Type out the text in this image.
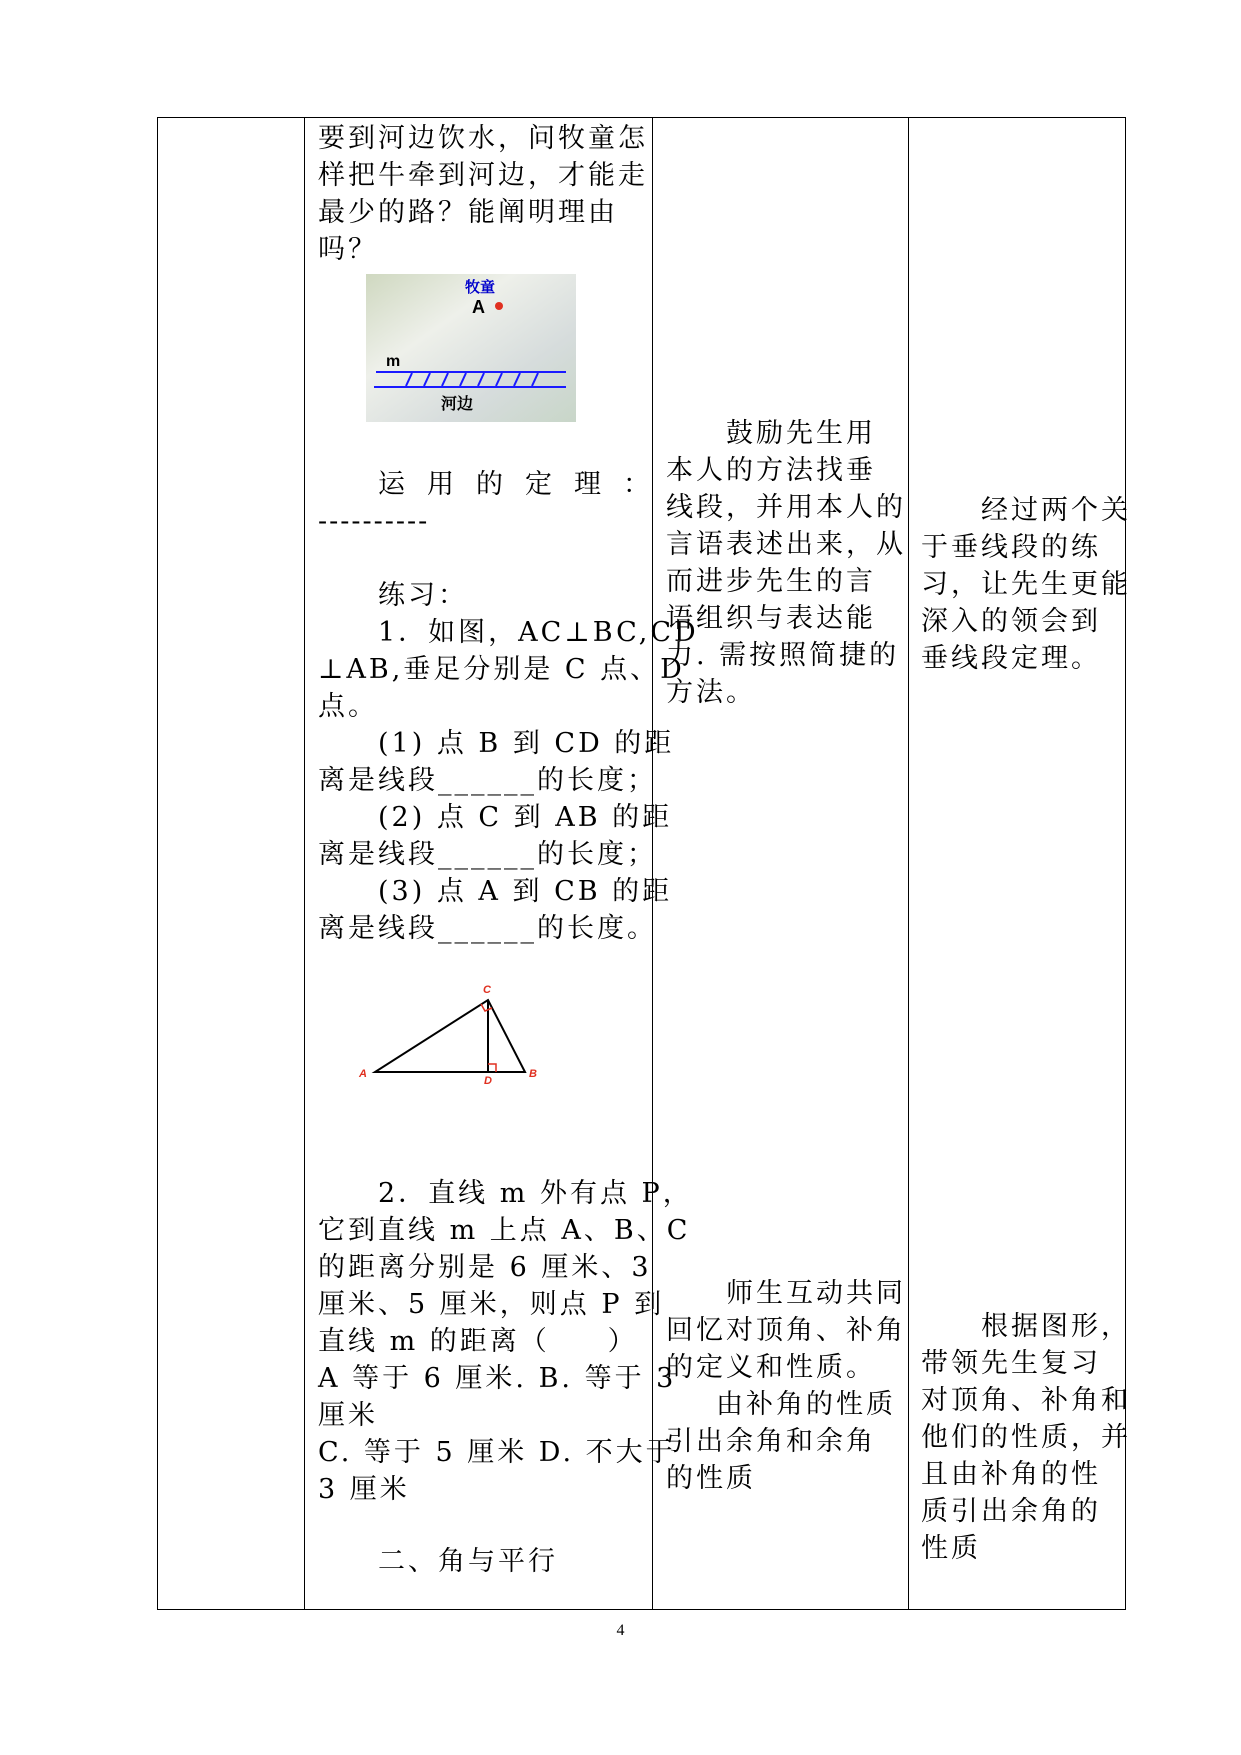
要到河边饮水，问牧童怎
样把牛牵到河边，才能走
最少的路？能阐明理由
吗？
牧童
A
m
河边
运用的定理：
----------
练习：
1．如图，AC⊥BC,CD
⊥AB,垂足分别是 C 点、D
点。
(1) 点 B 到 CD 的距
离是线段______的长度；
(2) 点 C 到 AB 的距
离是线段______的长度；
(3) 点 A 到 CB 的距
离是线段______的长度。
A	B
C
D
2．直线 m 外有点 P，
它到直线 m 上点 A、B、C
的距离分别是 6 厘米、3
厘米、5 厘米，则点 P 到
直线 m 的距离（     ）
A 等于 6 厘米. B. 等于 3
厘米
C. 等于 5 厘米 D. 不大于
3 厘米
二、角与平行
鼓励先生用
本人的方法找垂
线段，并用本人的
言语表述出来，从
而进步先生的言
语组织与表达能
力. 需按照简捷的
方法。
师生互动共同
回忆对顶角、补角
的定义和性质。
由补角的性质
引出余角和余角
的性质
经过两个关
于垂线段的练
习，让先生更能
深入的领会到
垂线段定理。
根据图形，
带领先生复习
对顶角、补角和
他们的性质，并
且由补角的性
质引出余角的
性质
4
